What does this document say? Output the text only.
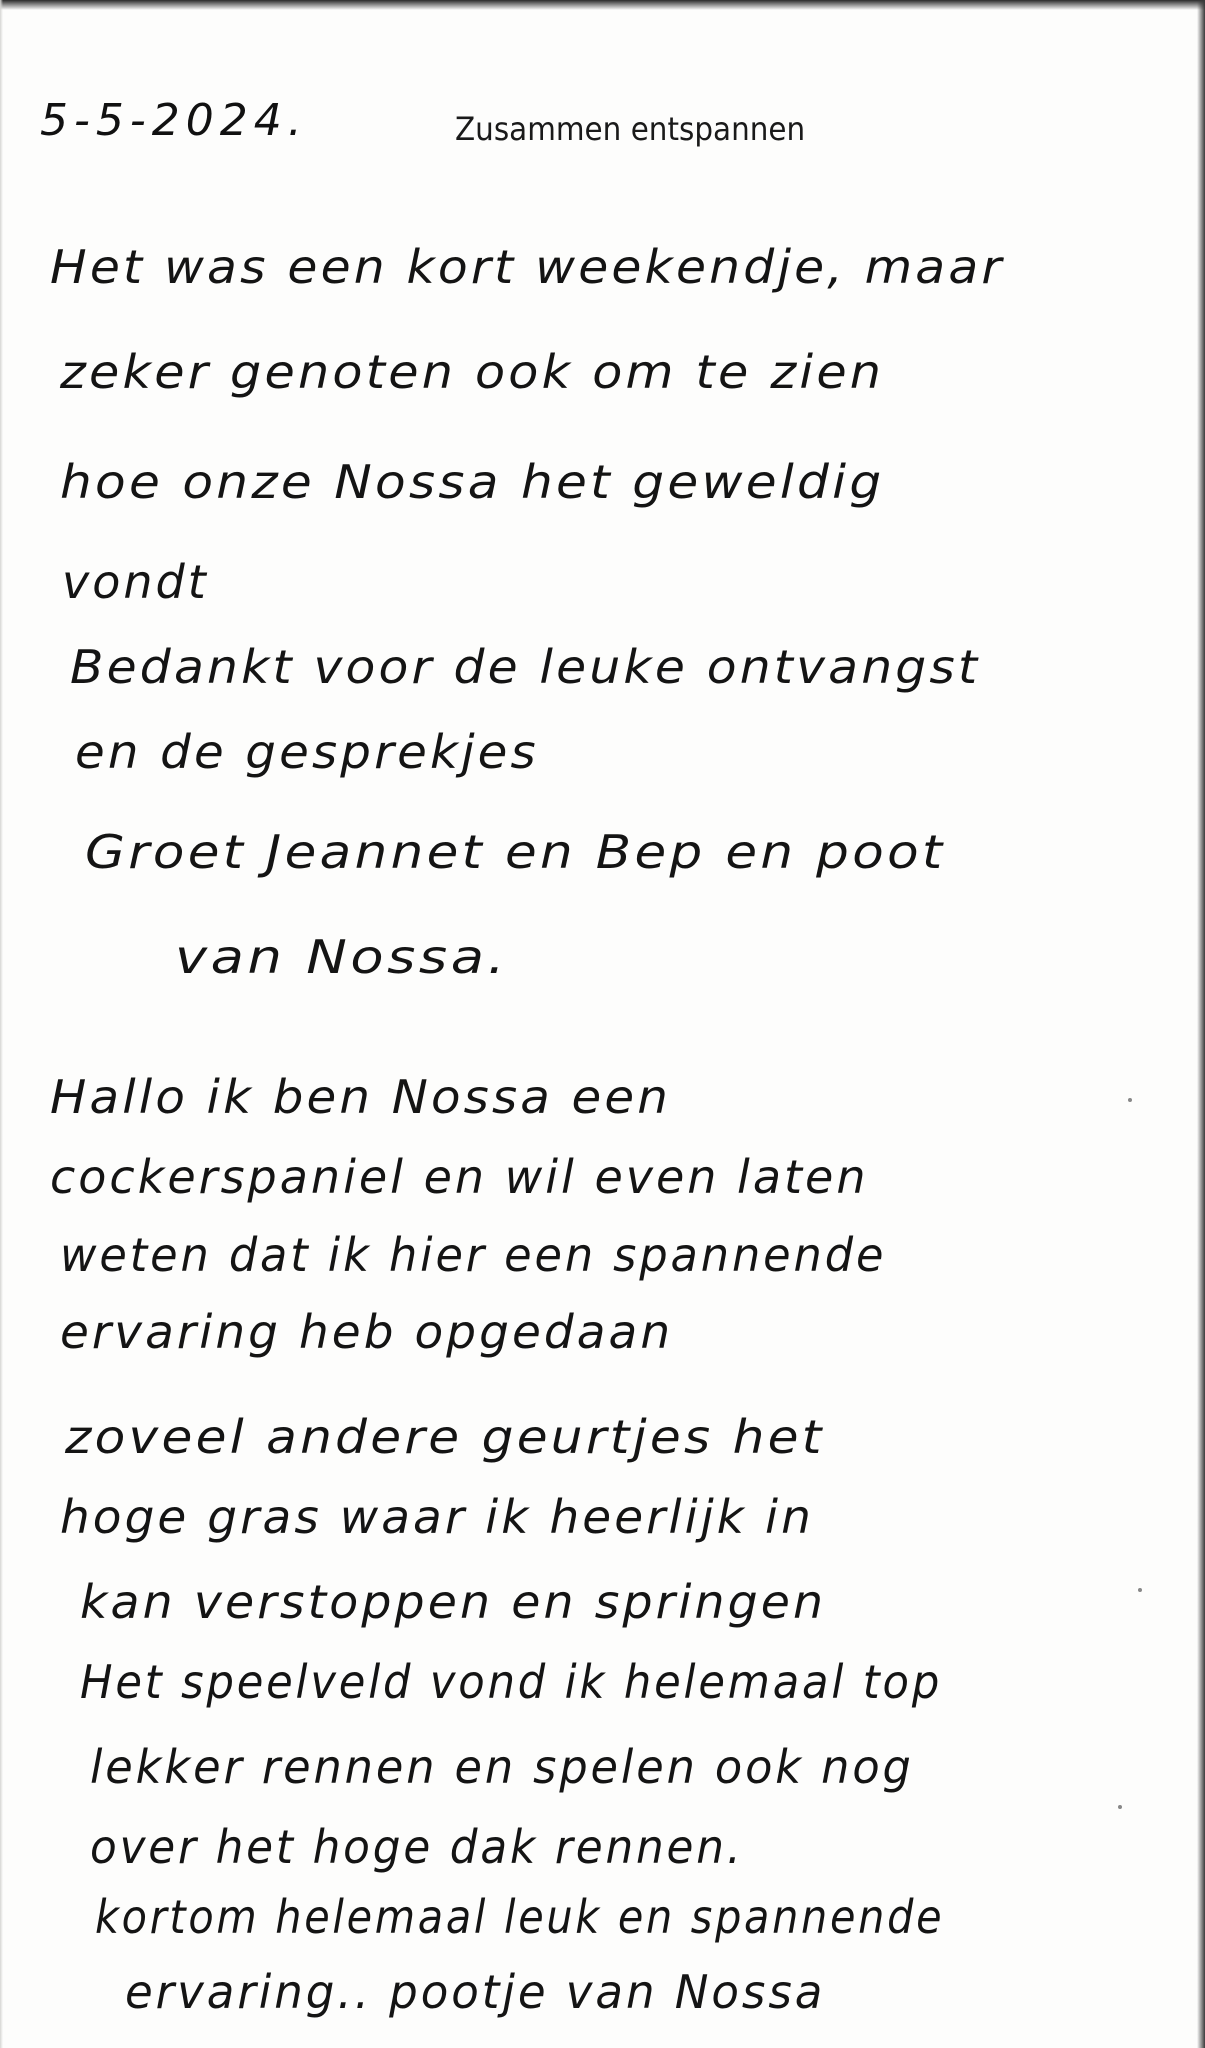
5-5-2024.	Zusammen entspannen
Het was een kort weekendje, maar
zeker genoten ook om te zien
hoe onze Nossa het geweldig
vondt
Bedankt voor de leuke ontvangst
en de gesprekjes
Groet Jeannet en Bep en poot
van Nossa.
Hallo ik ben Nossa een
cockerspaniel en wil even laten
weten dat ik hier een spannende
ervaring heb opgedaan
zoveel andere geurtjes het
hoge gras waar ik heerlijk in
kan verstoppen en springen
Het speelveld vond ik helemaal top
lekker rennen en spelen ook nog
over het hoge dak rennen.
kortom helemaal leuk en spannende
ervaring.. pootje van Nossa
